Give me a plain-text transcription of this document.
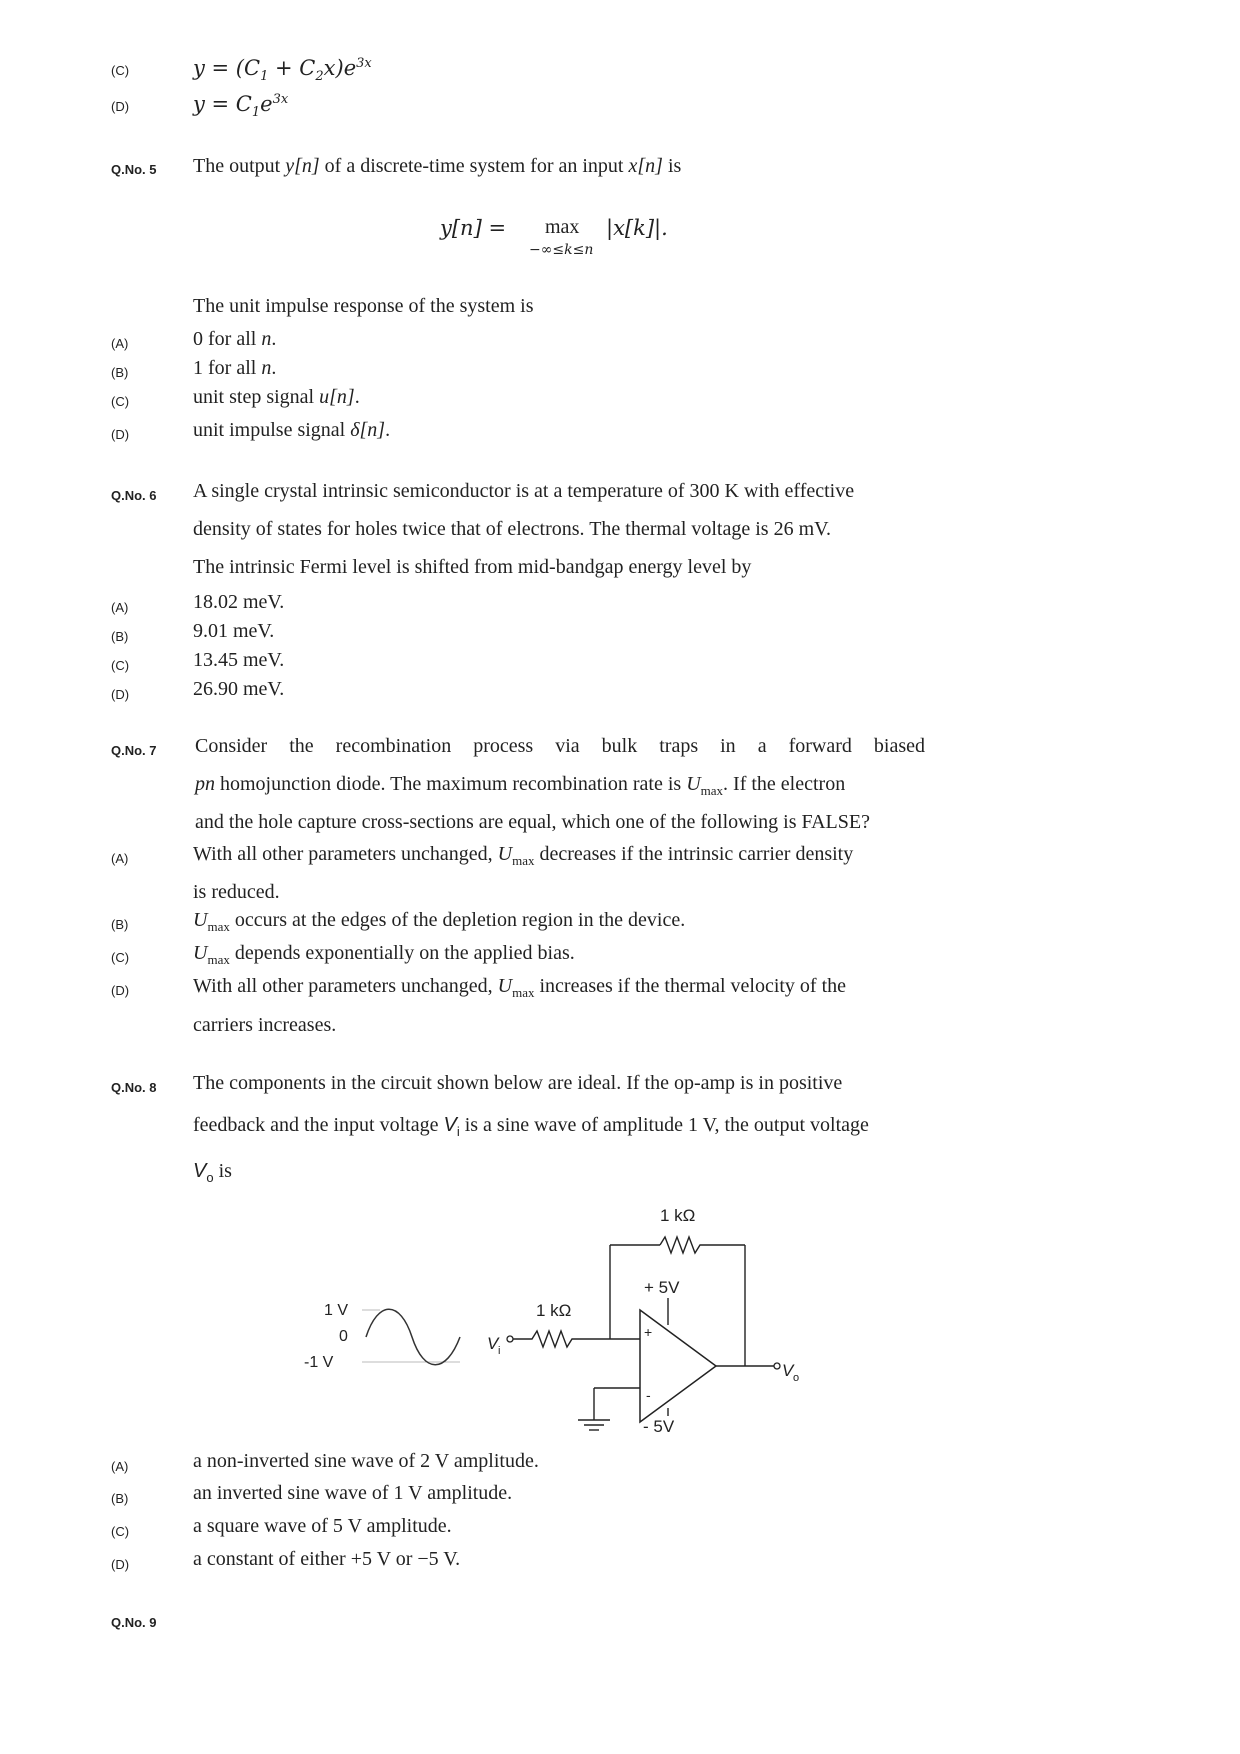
(C)	$y = (C_1 + C_2x)e^{3x}$
(D)	$y = C_1e^{3x}$
Q.No. 5 The output y[n] of a discrete-time system for an input x[n] is
y[n] = max
−∞≤k≤n
|x[k]|.
The unit impulse response of the system is
(A)	0 for all n.
(B)	1 for all n.
(C)	unit step signal u[n].
(D)	unit impulse signal δ[n].
Q.No. 6 A single crystal intrinsic semiconductor is at a temperature of 300 K with effective
density of states for holes twice that of electrons. The thermal voltage is 26 mV.
The intrinsic Fermi level is shifted from mid-bandgap energy level by
(A)	18.02 meV.
(B)	9.01 meV.
(C)	13.45 meV.
(D)	26.90 meV.
Q.No. 7 Consider the recombination process via bulk traps in a forward biased
pn homojunction diode. The maximum recombination rate is $U_{max}$. If the electron
and the hole capture cross-sections are equal, which one of the following is FALSE?
(A)	With all other parameters unchanged, $U_{max}$ decreases if the intrinsic carrier density
is reduced.
(B)	$U_{max}$ occurs at the edges of the depletion region in the device.
(C)	$U_{max}$ depends exponentially on the applied bias.
(D)	With all other parameters unchanged, $U_{max}$ increases if the thermal velocity of the
carriers increases.
Q.No. 8 The components in the circuit shown below are ideal. If the op-amp is in positive
feedback and the input voltage $V_i$ is a sine wave of amplitude 1 V, the output voltage
$V_o$ is
1 V
0
-1 V
V i
1 kΩ
1 kΩ
+
-
+ 5V
- 5V
V o
(A)	a non-inverted sine wave of 2 V amplitude.
(B)	an inverted sine wave of 1 V amplitude.
(C)	a square wave of 5 V amplitude.
(D)	a constant of either +5 V or −5 V.
Q.No. 9
